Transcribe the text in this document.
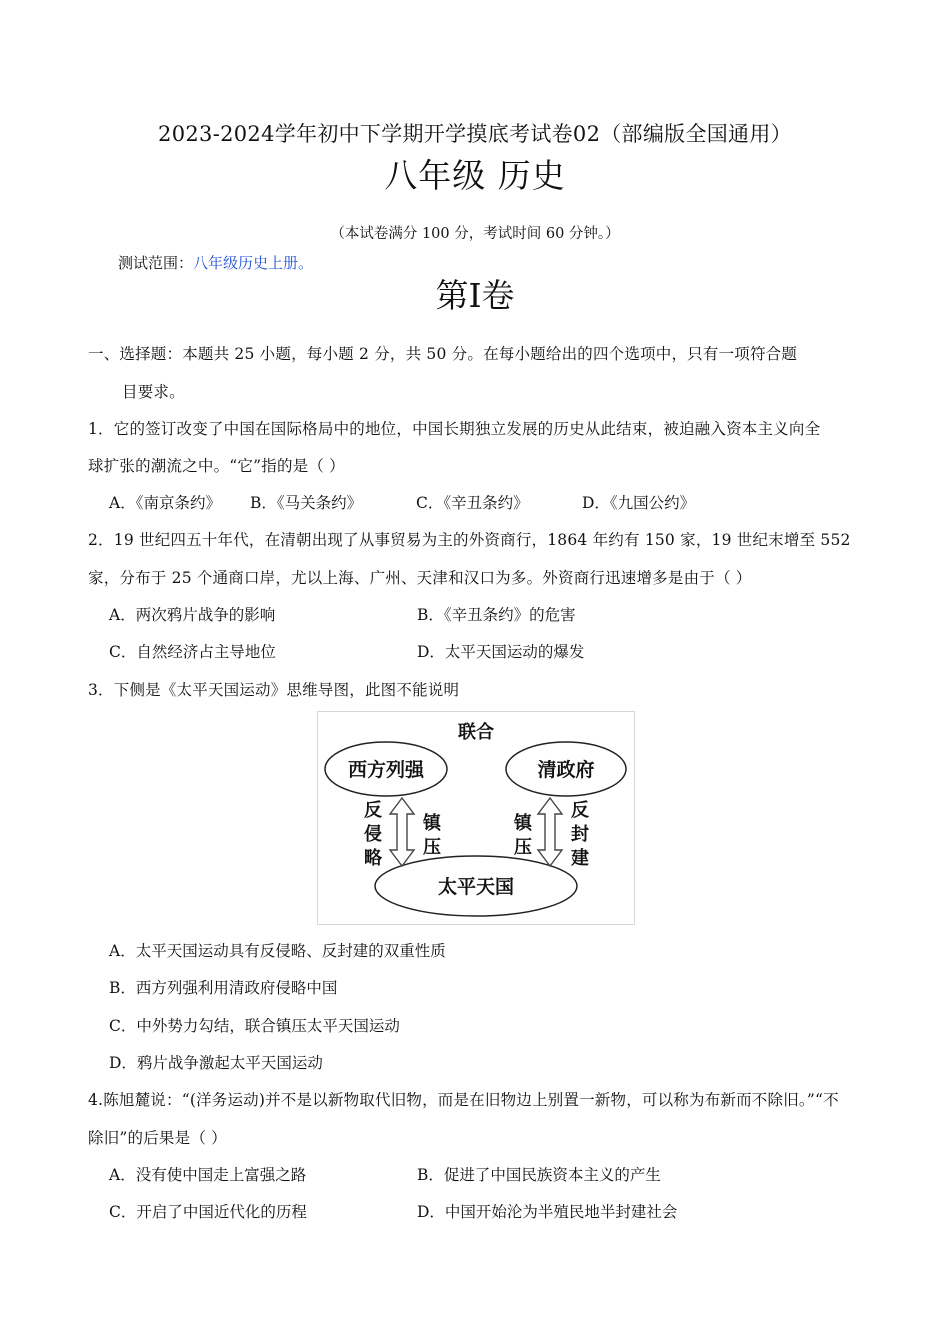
2023-2024学年初中下学期开学摸底考试卷02（部编版全国通用）
八年级 历史
（本试卷满分 100 分，考试时间 60 分钟。）
测试范围：八年级历史上册。
第Ⅰ卷
一、选择题：本题共 25 小题，每小题 2 分，共 50 分。在每小题给出的四个选项中，只有一项符合题
目要求。
1．它的签订改变了中国在国际格局中的地位，中国长期独立发展的历史从此结束，被迫融入资本主义向全
球扩张的潮流之中。“它”指的是（ ）
A．《南京条约》 B．《马关条约》	C．《辛丑条约》	D．《九国公约》
2．19 世纪四五十年代，在清朝出现了从事贸易为主的外资商行，1864 年约有 150 家，19 世纪末增至 552
家，分布于 25 个通商口岸，尤以上海、广州、天津和汉口为多。外资商行迅速增多是由于（ ）
A．两次鸦片战争的影响	B．《辛丑条约》的危害
C．自然经济占主导地位	D．太平天国运动的爆发
3．下侧是《太平天国运动》思维导图，此图不能说明
联合
西方列强	清政府
太平天国
反
侵
略
镇
压
镇
压
反
封
建
A．太平天国运动具有反侵略、反封建的双重性质
B．西方列强利用清政府侵略中国
C．中外势力勾结，联合镇压太平天国运动
D．鸦片战争激起太平天国运动
4.陈旭麓说：“(洋务运动)并不是以新物取代旧物，而是在旧物边上别置一新物，可以称为布新而不除旧。”“不
除旧”的后果是（ ）
A．没有使中国走上富强之路	B．促进了中国民族资本主义的产生
C．开启了中国近代化的历程	D．中国开始沦为半殖民地半封建社会
